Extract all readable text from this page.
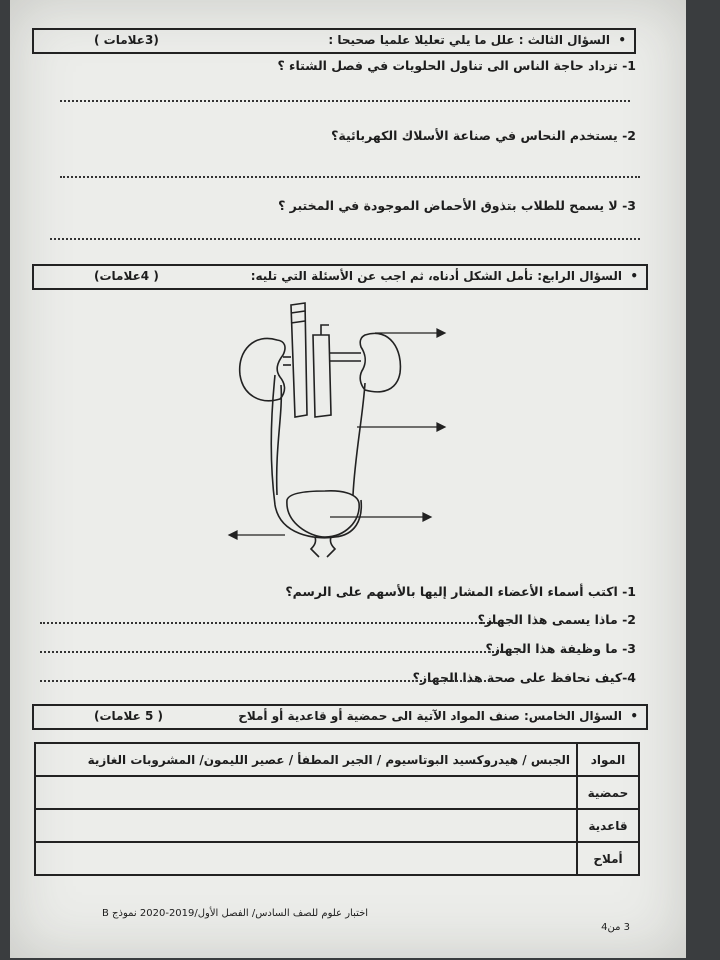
•
السؤال الثالث : علل ما يلي تعليلا علميا صحيحا :
(3علامات )
1- تزداد حاجة الناس الى تناول الحلويات في فصل الشتاء ؟
2- يستخدم النحاس في صناعة الأسلاك الكهربائية؟
3- لا يسمح للطلاب بتذوق الأحماض الموجودة في المختبر ؟
•
السؤال الرابع: تأمل الشكل أدناه، ثم اجب عن الأسئلة التي تليه:
( 4علامات)
1- اكتب أسماء الأعضاء المشار إليها بالأسهم على الرسم؟
2- ماذا يسمى هذا الجهاز؟
3- ما وظيفة هذا الجهاز؟
4-كيف نحافظ على صحة هذا الجهاز؟
•
السؤال الخامس: صنف المواد الآتية الى حمضية أو قاعدية أو أملاح
( 5 علامات)
المواد	الجبس / هيدروكسيد البوتاسيوم / الجير المطفأ / عصير الليمون/ المشروبات الغازية
حمضية	
قاعدية	
أملاح	
اختبار علوم للصف السادس/ الفصل الأول/2019-2020 نموذج B
3 من4
